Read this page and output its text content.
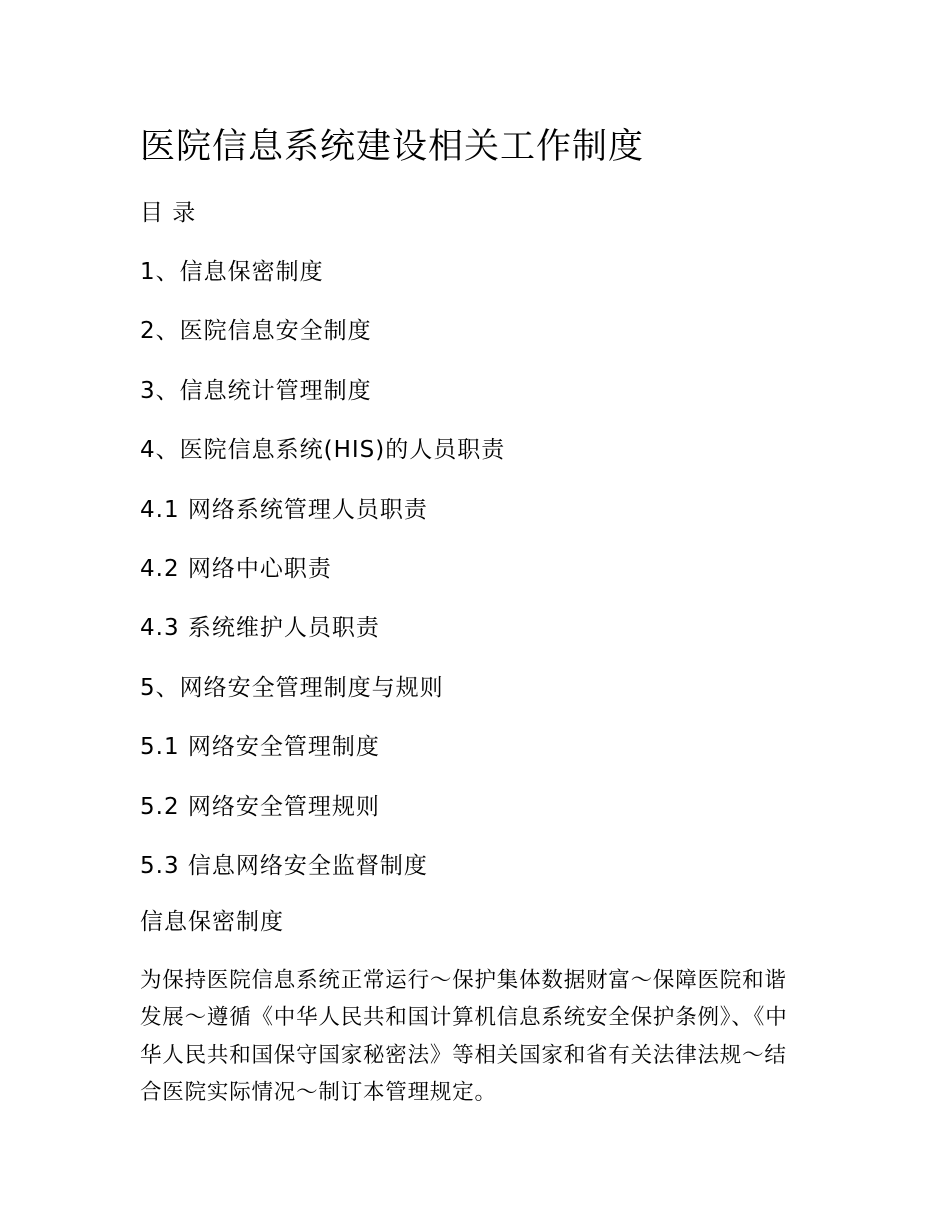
医院信息系统建设相关工作制度
目 录
1、信息保密制度
2、医院信息安全制度
3、信息统计管理制度
4、医院信息系统(HIS)的人员职责
4.1 网络系统管理人员职责
4.2 网络中心职责
4.3 系统维护人员职责
5、网络安全管理制度与规则
5.1 网络安全管理制度
5.2 网络安全管理规则
5.3 信息网络安全监督制度
信息保密制度

为保持医院信息系统正常运行～保护集体数据财富～保障医院和谐发展～遵循《中华人民共和国计算机信息系统安全保护条例》、《中华人民共和国保守国家秘密法》等相关国家和省有关法律法规～结合医院实际情况～制订本管理规定。
